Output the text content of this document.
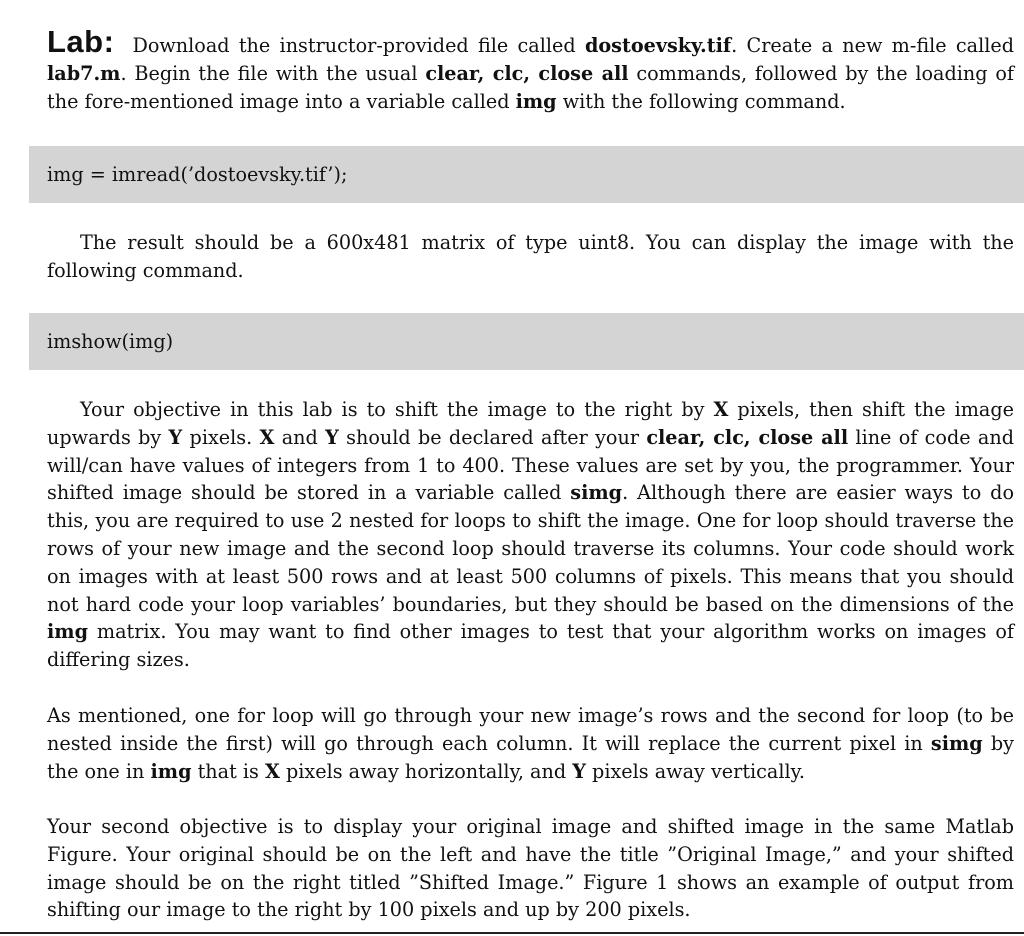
Lab: Download the instructor-provided file called dostoevsky.tif. Create a new m-file called lab7.m. Begin the file with the usual clear, clc, close all commands, followed by the loading of the fore-mentioned image into a variable called img with the following command.

img = imread(’dostoevsky.tif’);

The result should be a 600x481 matrix of type uint8. You can display the image with the following command.

imshow(img)

Your objective in this lab is to shift the image to the right by X pixels, then shift the image upwards by Y pixels. X and Y should be declared after your clear, clc, close all line of code and will/can have values of integers from 1 to 400. These values are set by you, the programmer. Your shifted image should be stored in a variable called simg. Although there are easier ways to do this, you are required to use 2 nested for loops to shift the image. One for loop should traverse the rows of your new image and the second loop should traverse its columns. Your code should work on images with at least 500 rows and at least 500 columns of pixels. This means that you should not hard code your loop variables’ boundaries, but they should be based on the dimensions of the img matrix. You may want to find other images to test that your algorithm works on images of differing sizes.

As mentioned, one for loop will go through your new image’s rows and the second for loop (to be nested inside the first) will go through each column. It will replace the current pixel in simg by the one in img that is X pixels away horizontally, and Y pixels away vertically.

Your second objective is to display your original image and shifted image in the same Matlab Figure. Your original should be on the left and have the title ”Original Image,” and your shifted image should be on the right titled ”Shifted Image.” Figure 1 shows an example of output from shifting our image to the right by 100 pixels and up by 200 pixels.
